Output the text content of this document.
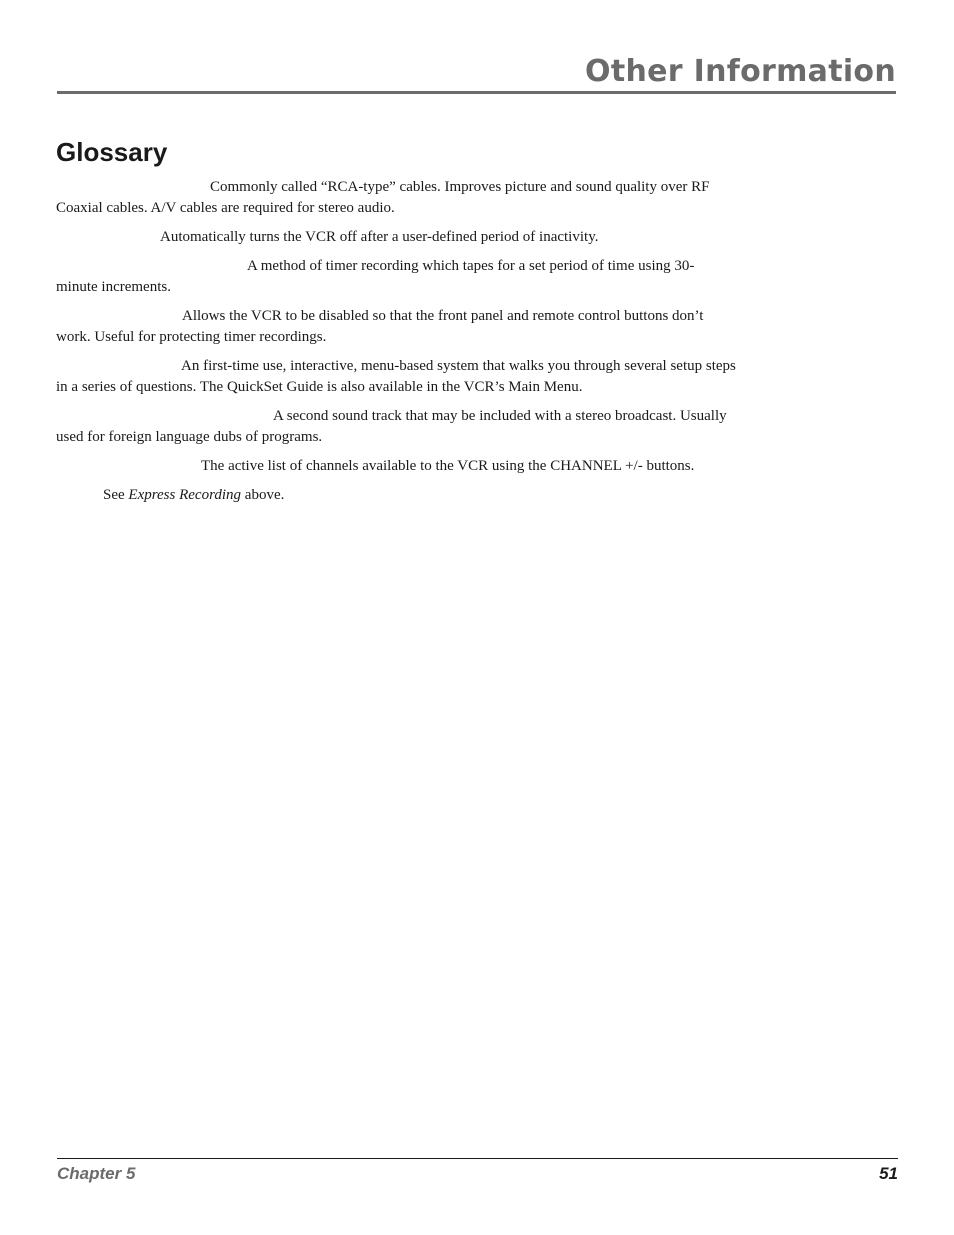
Other Information
Glossary

Commonly called “RCA-type” cables. Improves picture and sound quality over RF Coaxial cables. A/V cables are required for stereo audio.

Automatically turns the VCR off after a user-defined period of inactivity.

A method of timer recording which tapes for a set period of time using 30-minute increments.

Allows the VCR to be disabled so that the front panel and remote control buttons don’t work. Useful for protecting timer recordings.

An first-time use, interactive, menu-based system that walks you through several setup steps in a series of questions. The QuickSet Guide is also available in the VCR’s Main Menu.

A second sound track that may be included with a stereo broadcast. Usually used for foreign language dubs of programs.

The active list of channels available to the VCR using the CHANNEL +/- buttons.

See Express Recording above.

Chapter 5	51
